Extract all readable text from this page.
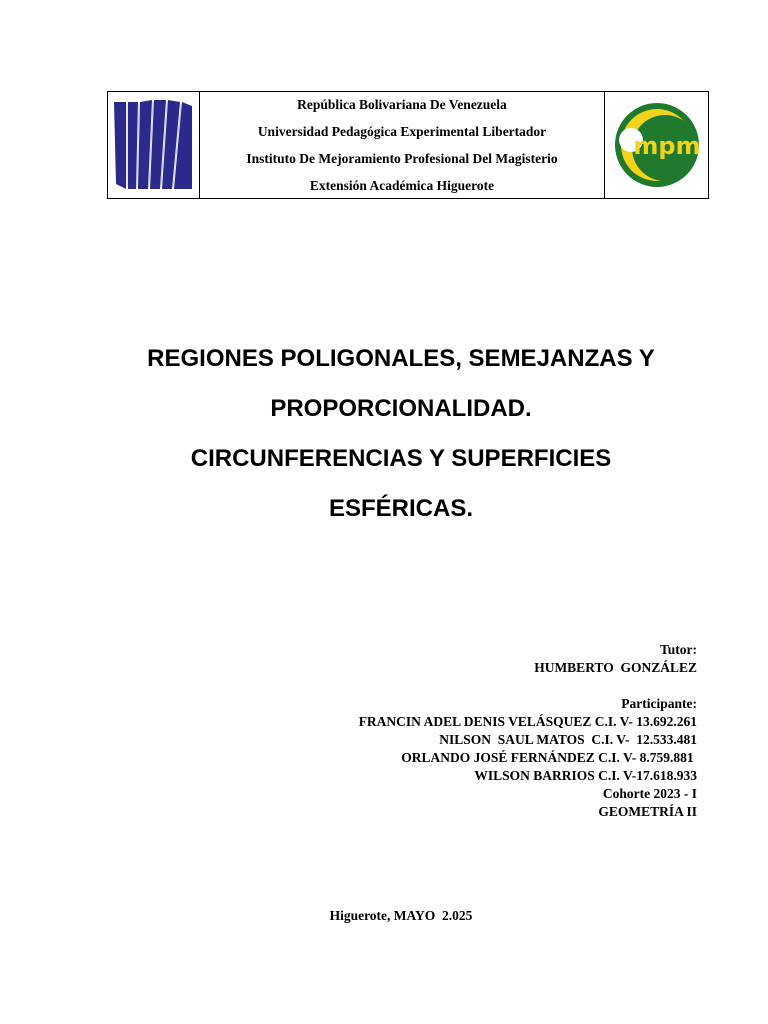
República Bolivariana De Venezuela
Universidad Pedagógica Experimental Libertador
Instituto De Mejoramiento Profesional Del Magisterio
Extensión Académica Higuerote
mpm
REGIONES POLIGONALES, SEMEJANZAS Y
PROPORCIONALIDAD.
CIRCUNFERENCIAS Y SUPERFICIES
ESFÉRICAS.
Tutor:
HUMBERTO  GONZÁLEZ
Participante:
FRANCIN ADEL DENIS VELÁSQUEZ C.I. V- 13.692.261
NILSON  SAUL MATOS  C.I. V-  12.533.481
ORLANDO JOSÉ FERNÁNDEZ C.I. V- 8.759.881
WILSON BARRIOS C.I. V-17.618.933
Cohorte 2023 - I
GEOMETRÍA II
Higuerote, MAYO  2.025
